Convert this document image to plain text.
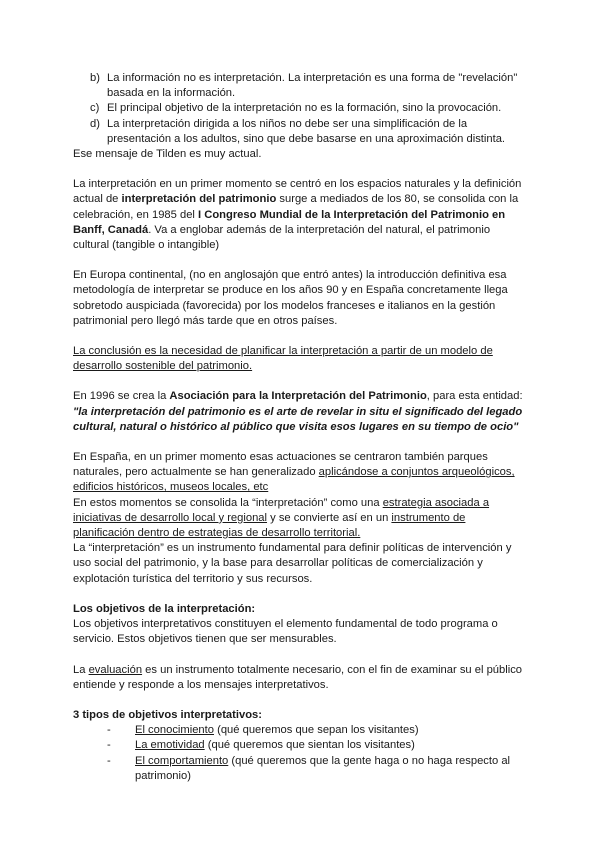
b) La información no es interpretación. La interpretación es una forma de "revelación" basada en la información.
c) El principal objetivo de la interpretación no es la formación, sino la provocación.
d) La interpretación dirigida a los niños no debe ser una simplificación de la presentación a los adultos, sino que debe basarse en una aproximación distinta.

Ese mensaje de Tilden es muy actual.

La interpretación en un primer momento se centró en los espacios naturales y la definición actual de interpretación del patrimonio surge a mediados de los 80, se consolida con la celebración, en 1985 del I Congreso Mundial de la Interpretación del Patrimonio en Banff, Canadá. Va a englobar además de la interpretación del natural, el patrimonio cultural (tangible o intangible)

En Europa continental, (no en anglosajón que entró antes) la introducción definitiva esa metodología de interpretar se produce en los años 90 y en España concretamente llega sobretodo auspiciada (favorecida) por los modelos franceses e italianos en la gestión patrimonial pero llegó más tarde que en otros países.

La conclusión es la necesidad de planificar la interpretación a partir de un modelo de desarrollo sostenible del patrimonio.

En 1996 se crea la Asociación para la Interpretación del Patrimonio, para esta entidad: "la interpretación del patrimonio es el arte de revelar in situ el significado del legado cultural, natural o histórico al público que visita esos lugares en su tiempo de ocio"

En España, en un primer momento esas actuaciones se centraron también parques naturales, pero actualmente se han generalizado aplicándose a conjuntos arqueológicos, edificios históricos, museos locales, etc

En estos momentos se consolida la “interpretación” como una estrategia asociada a iniciativas de desarrollo local y regional y se convierte así en un instrumento de planificación dentro de estrategias de desarrollo territorial.

La “interpretación” es un instrumento fundamental para definir políticas de intervención y uso social del patrimonio, y la base para desarrollar políticas de comercialización y explotación turística del territorio y sus recursos.

Los objetivos de la interpretación:

Los objetivos interpretativos constituyen el elemento fundamental de todo programa o servicio. Estos objetivos tienen que ser mensurables.

La evaluación es un instrumento totalmente necesario, con el fin de examinar su el público entiende y responde a los mensajes interpretativos.

3 tipos de objetivos interpretativos:

- El conocimiento (qué queremos que sepan los visitantes)
- La emotividad (qué queremos que sientan los visitantes)
- El comportamiento (qué queremos que la gente haga o no haga respecto al patrimonio)
